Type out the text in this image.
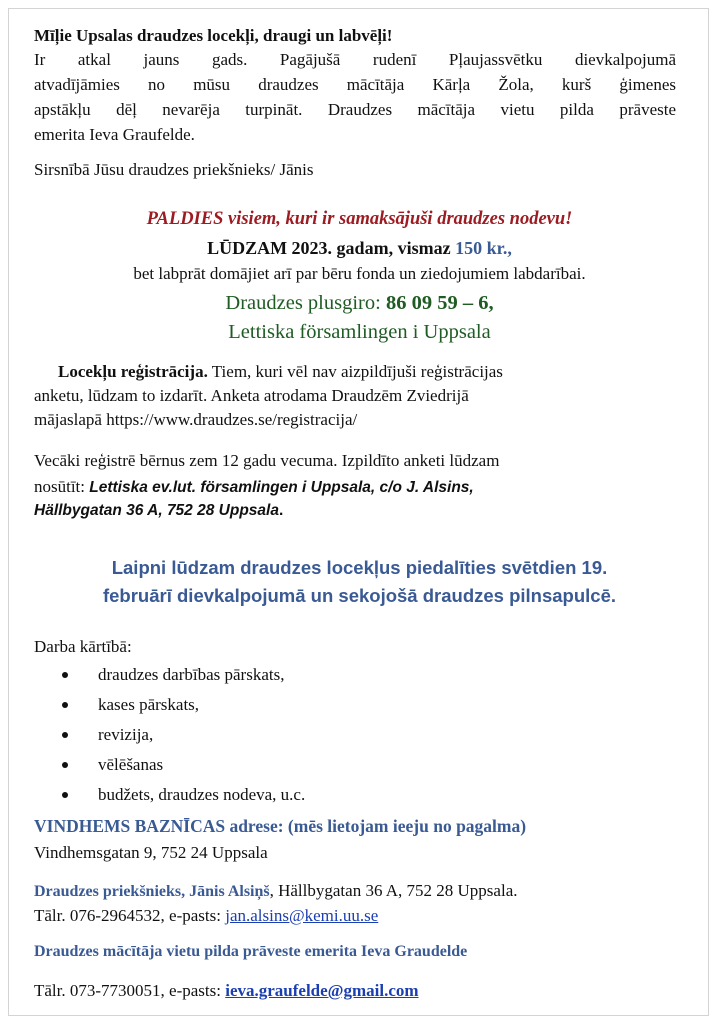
Mīļie Upsalas draudzes locekļi, draugi un labvēļi!

Ir atkal jauns gads. Pagājušā rudenī Pļaujassvētku dievkalpojumā

atvadījāmies no mūsu draudzes mācītāja Kārļa Žola, kurš ģimenes

apstākļu dēļ nevarēja turpināt. Draudzes mācītāja vietu pilda prāveste

emerita Ieva Graufelde.

Sirsnībā Jūsu draudzes priekšnieks/ Jānis

PALDIES visiem, kuri ir samaksājuši draudzes nodevu!

LŪDZAM 2023. gadam, vismaz 150 kr.,

bet labprāt domājiet arī par bēru fonda un ziedojumiem labdarībai.

Draudzes plusgiro: 86 09 59 – 6,

Lettiska församlingen i Uppsala

Locekļu reģistrācija. Tiem, kuri vēl nav aizpildījuši reģistrācijas

anketu, lūdzam to izdarīt. Anketa atrodama Draudzēm Zviedrijā

mājaslapā https://www.draudzes.se/registracija/

Vecāki reģistrē bērnus zem 12 gadu vecuma. Izpildīto anketi lūdzam

nosūtīt: Lettiska ev.lut. församlingen i Uppsala, c/o J. Alsins,

Hällbygatan 36 A, 752 28 Uppsala.

Laipni lūdzam draudzes locekļus piedalīties svētdien 19.

februārī dievkalpojumā un sekojošā draudzes pilnsapulcē.

Darba kārtībā:

draudzes darbības pārskats,
kases pārskats,
revizija,
vēlēšanas
budžets, draudzes nodeva, u.c.

VINDHEMS BAZNĪCAS adrese: (mēs lietojam ieeju no pagalma)

Vindhemsgatan 9, 752 24 Uppsala

Draudzes priekšnieks, Jānis Alsiņš, Hällbygatan 36 A, 752 28 Uppsala.

Tālr. 076-2964532, e-pasts: jan.alsins@kemi.uu.se

Draudzes mācītāja vietu pilda prāveste emerita Ieva Graudelde

Tālr. 073-7730051, e-pasts: ieva.graufelde@gmail.com
